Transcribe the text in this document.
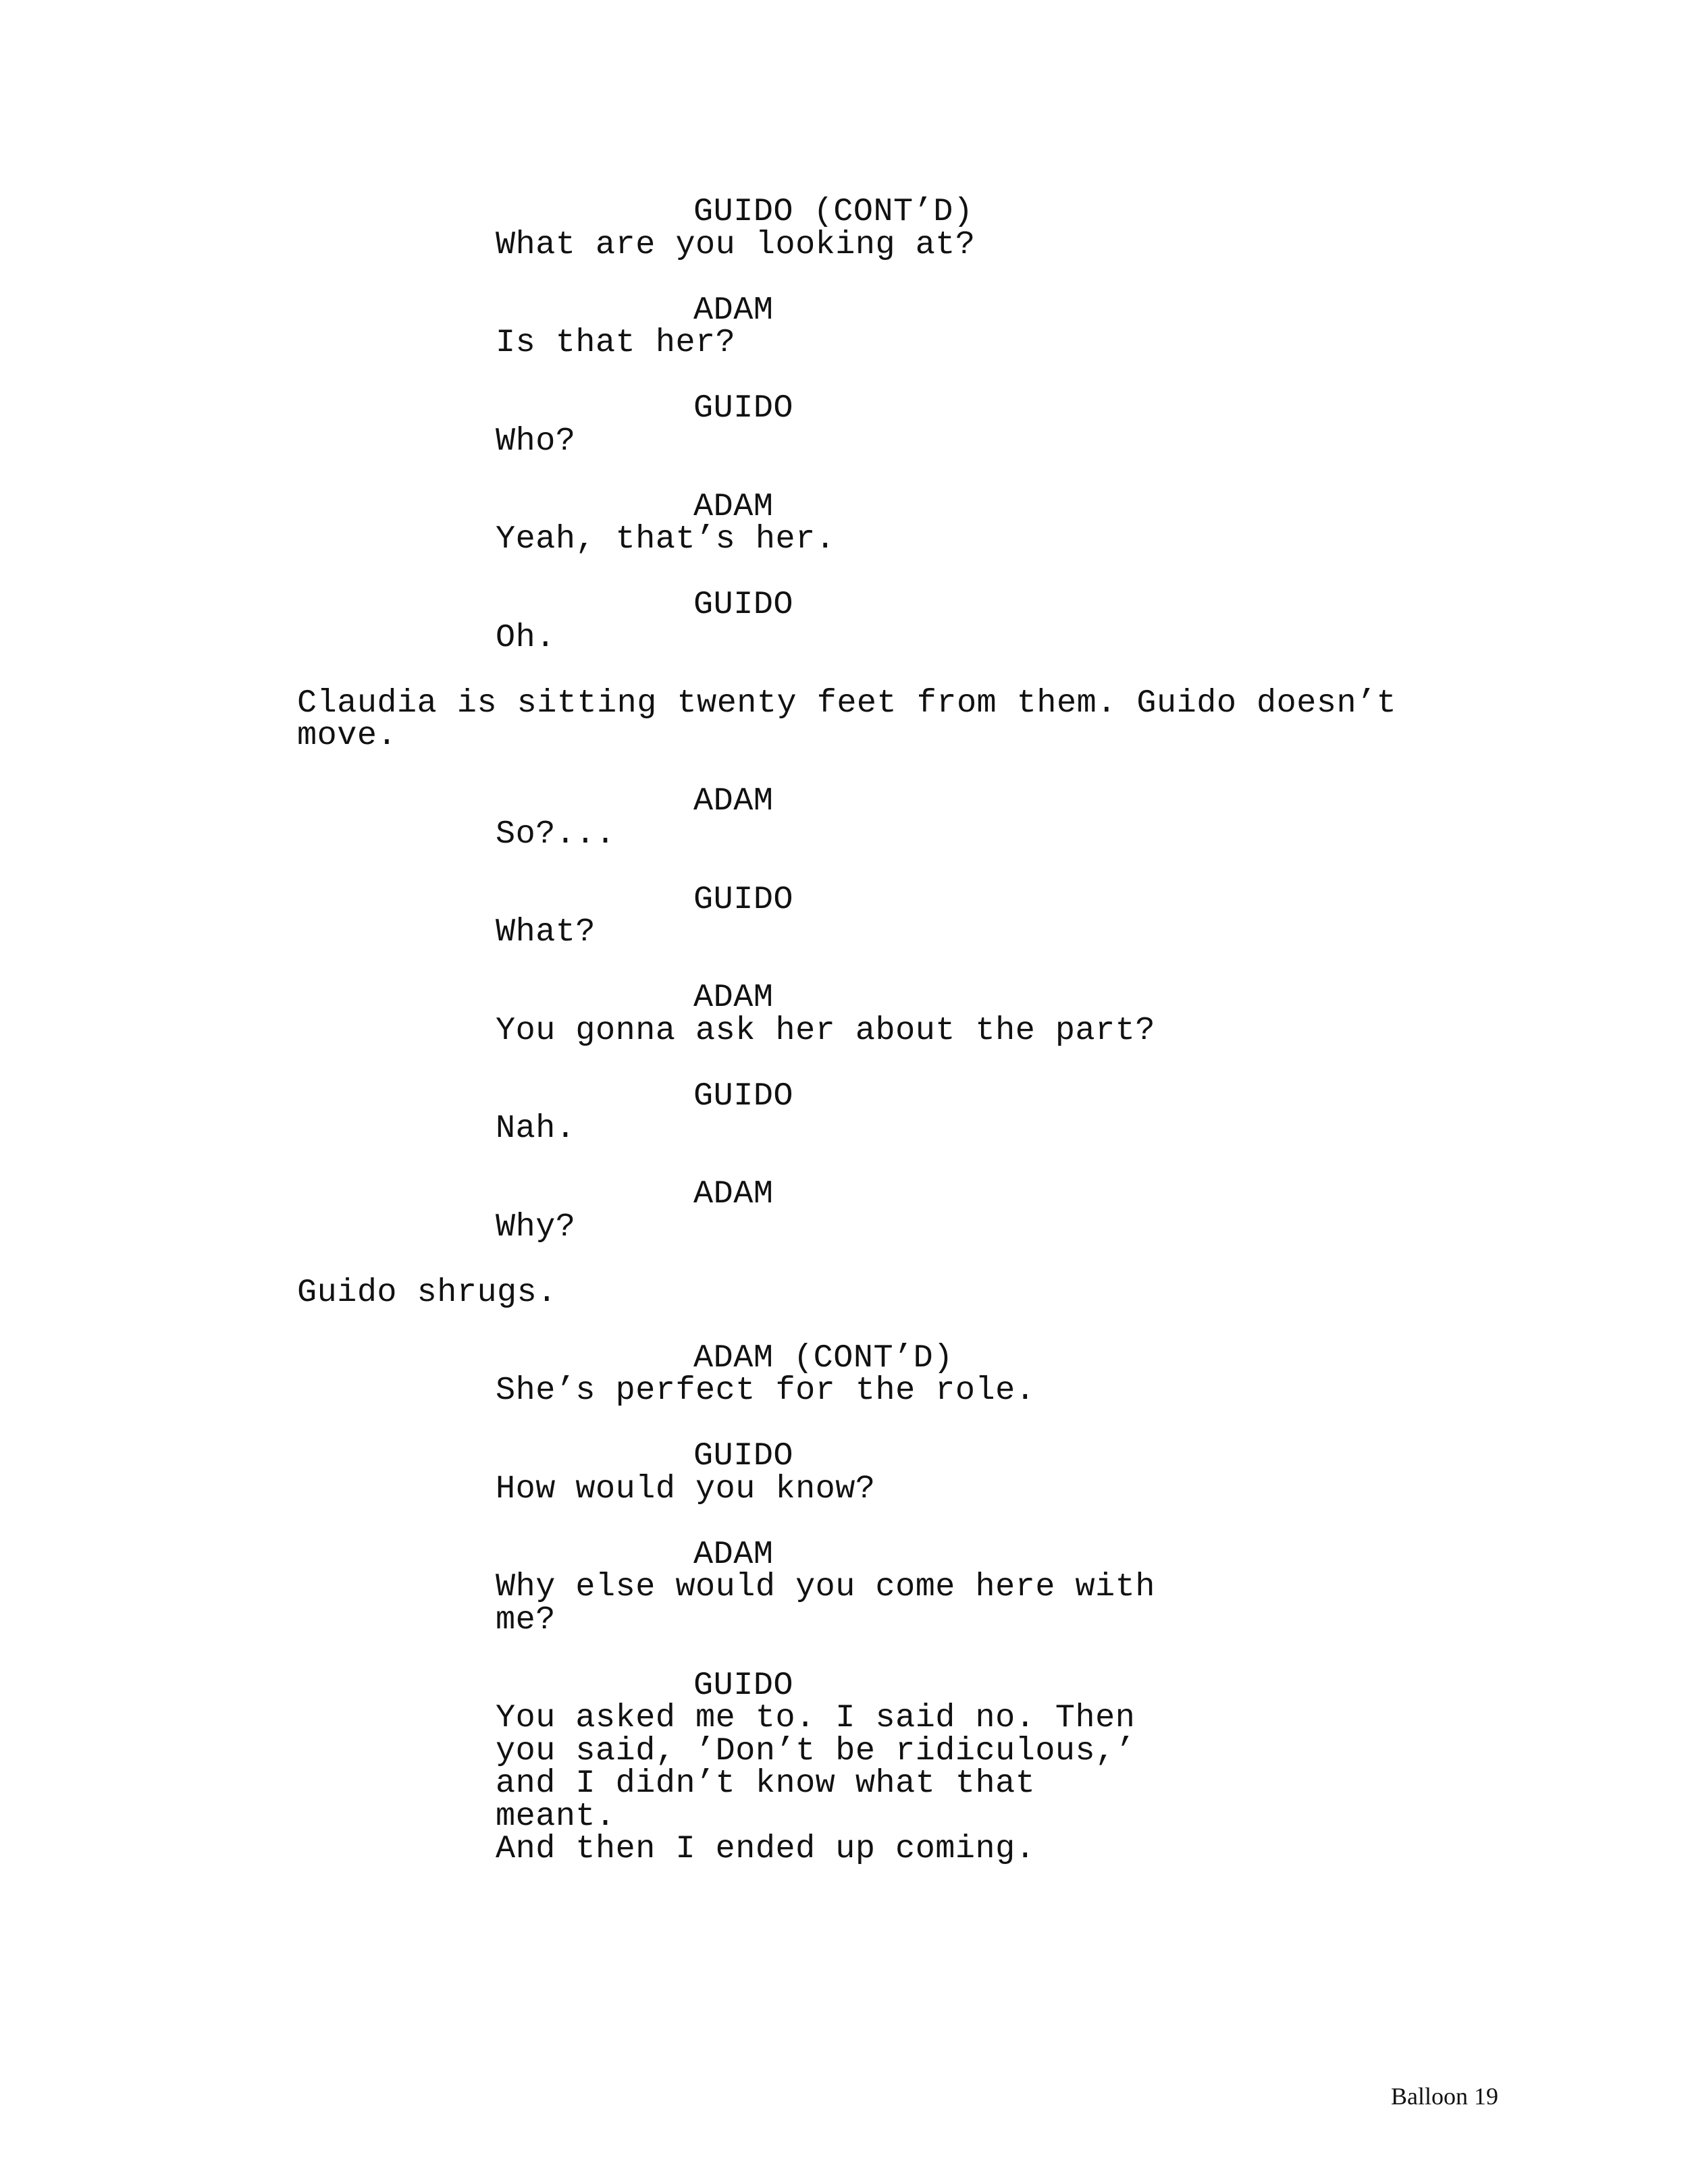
GUIDO (CONT’D)
What are you looking at?
ADAM
Is that her?
GUIDO
Who?
ADAM
Yeah, that’s her.
GUIDO
Oh.
Claudia is sitting twenty feet from them. Guido doesn’t
move.
ADAM
So?...
GUIDO
What?
ADAM
You gonna ask her about the part?
GUIDO
Nah.
ADAM
Why?
Guido shrugs.
ADAM (CONT’D)
She’s perfect for the role.
GUIDO
How would you know?
ADAM
Why else would you come here with
me?
GUIDO
You asked me to. I said no. Then
you said, ’Don’t be ridiculous,’
and I didn’t know what that meant.
And then I ended up coming.
Balloon 19
